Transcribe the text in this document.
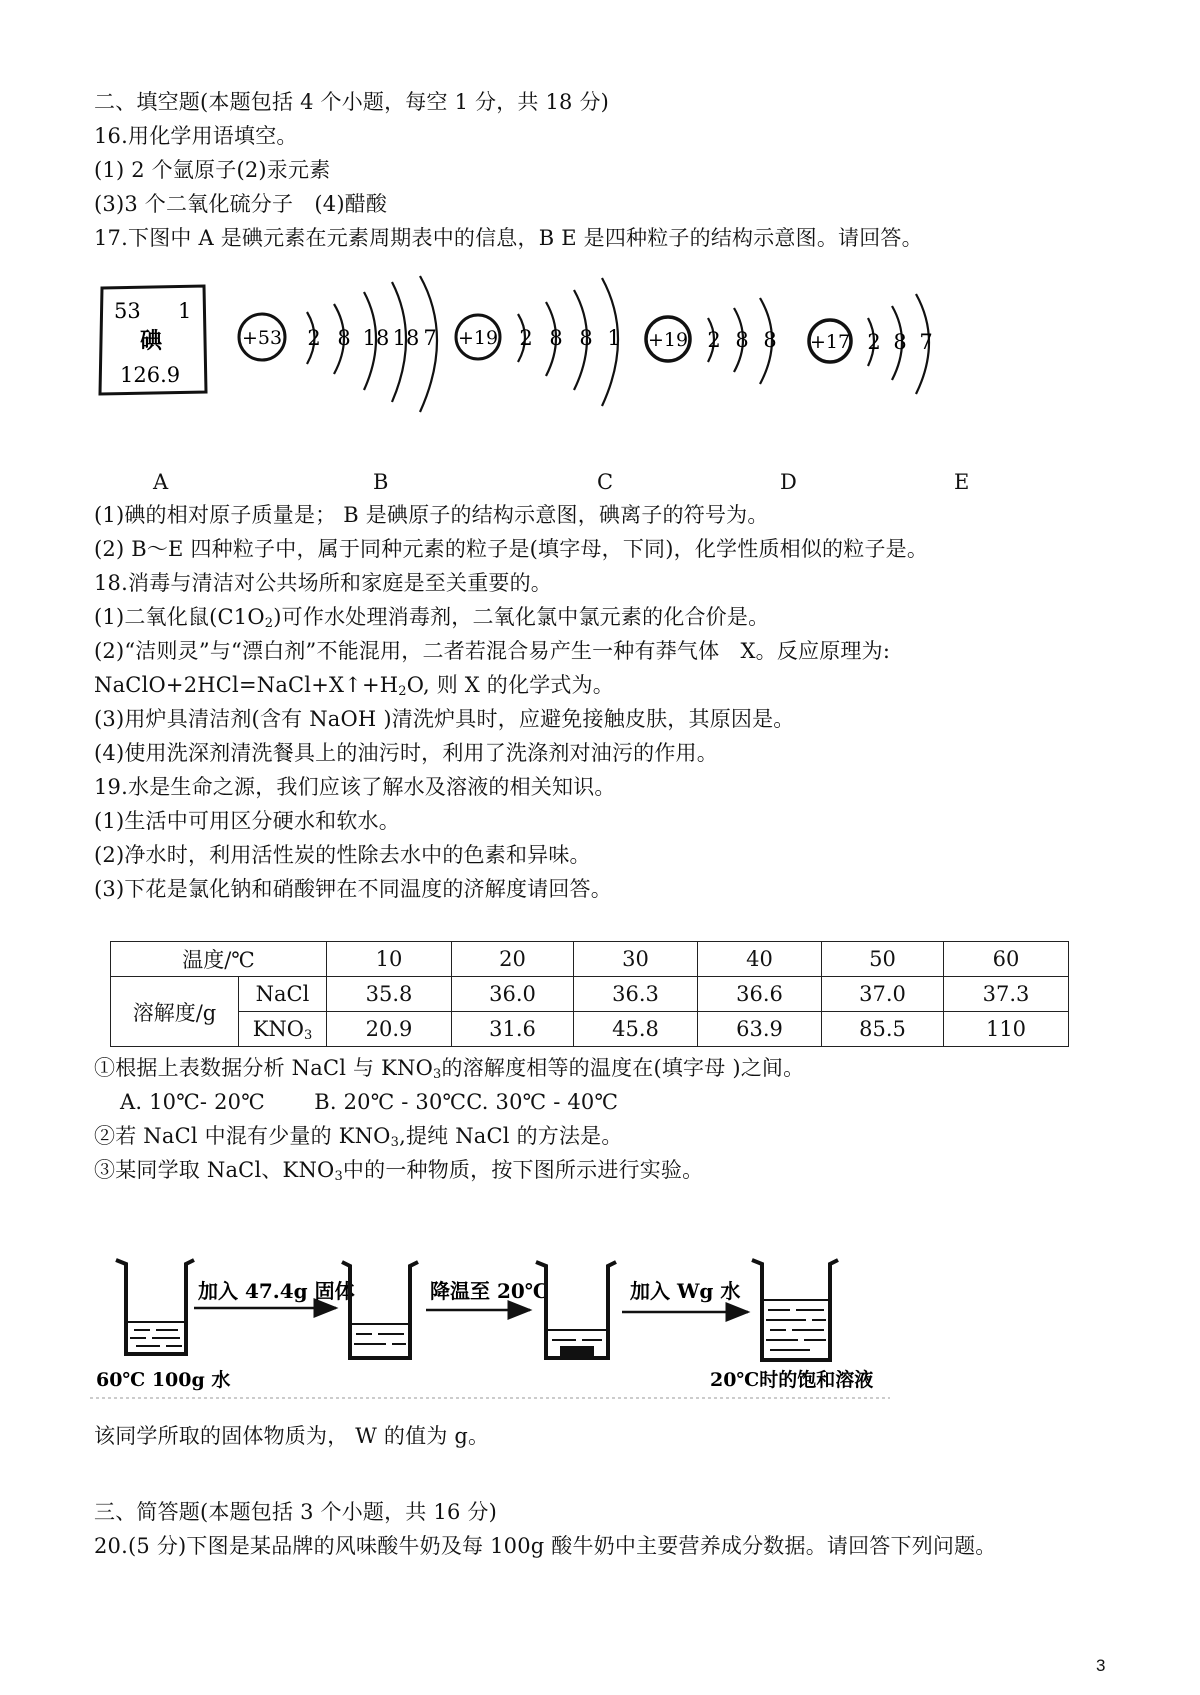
二、填空题(本题包括 4 个小题，每空 1 分，共 18 分)
16.用化学用语填空。
(1) 2 个氩原子(2)汞元素
(3)3 个二氧化硫分子　(4)醋酸
17.下图中 A 是碘元素在元素周期表中的信息，B E 是四种粒子的结构示意图。请回答。
53 1
碘
126.9
+53 2 8 18 18 7 +19 2 8 8 1 +19 2 8 8 +17 2 8 7
A	B	C	D	E
(1)碘的相对原子质量是； B 是碘原子的结构示意图，碘离子的符号为。
(2) B～E 四种粒子中，属于同种元素的粒子是(填字母，下同)，化学性质相似的粒子是。
18.消毒与清洁对公共场所和家庭是至关重要的。
(1)二氧化鼠$(C1O_2)$可作水处理消毒剂，二氧化氯中氯元素的化合价是。
(2)“洁则灵”与“漂白剂”不能混用，二者若混合易产生一种有莽气体　X。反应原理为:
$NaClO+2HCl=NaCl+X↑+H_2O$, 则 X 的化学式为。
(3)用炉具清洁剂(含有 NaOH )清洗炉具时，应避免接触皮肤，其原因是。
(4)使用洗深剂清洗餐具上的油污时，利用了洗涤剂对油污的作用。
19.水是生命之源，我们应该了解水及溶液的相关知识。
(1)生活中可用区分硬水和软水。
(2)净水时，利用活性炭的性除去水中的色素和异味。
(3)下花是氯化钠和硝酸钾在不同温度的济解度请回答。
温度/℃		10	20	30	40	50	60
溶解度/g	NaCl	35.8	36.0	36.3	36.6	37.0	37.3
	$KNO_3$	20.9	31.6	45.8	63.9	85.5	110
①根据上表数据分析 NaCl 与 $KNO_3$的溶解度相等的温度在(填字母 )之间。
A. 10℃- 20℃　　 B. 20℃ - 30℃C. 30℃ - 40℃
②若 NaCl 中混有少量的 $KNO_3$,提纯 NaCl 的方法是。
③某同学取 NaCl、$KNO_3$中的一种物质，按下图所示进行实验。
60℃ 100g 水
加入 47.4g 固体	降温至 20℃	加入 Wg 水
20℃时的饱和溶液
该同学所取的固体物质为， W 的值为 g。
三、简答题(本题包括 3 个小题，共 16 分)
20.(5 分)下图是某品牌的风味酸牛奶及每 100g 酸牛奶中主要营养成分数据。请回答下列问题。
3
